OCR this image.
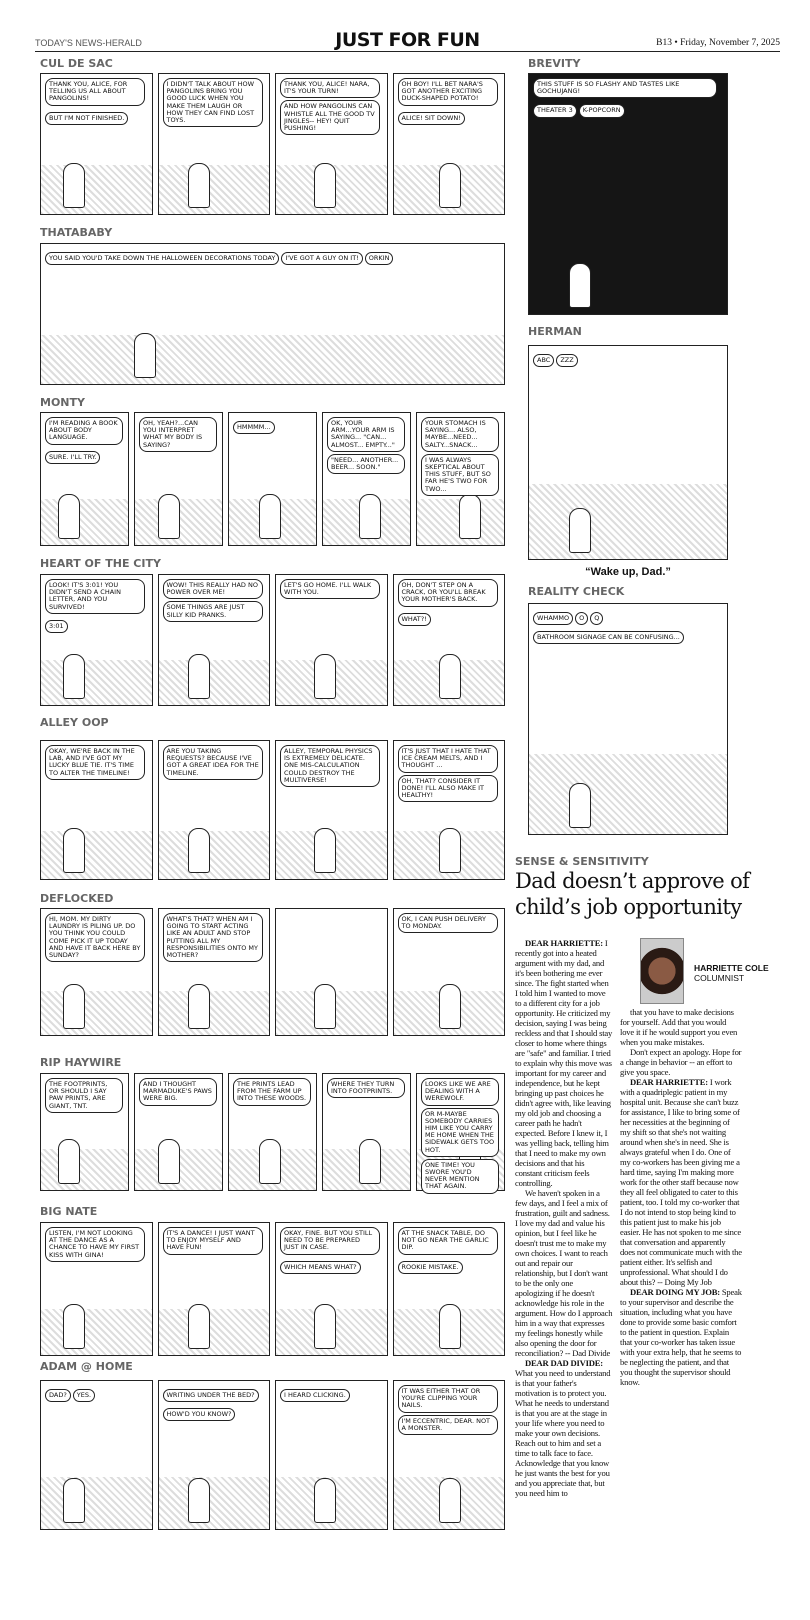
TODAY'S NEWS-HERALD	JUST FOR FUN	B13 • Friday, November 7, 2025
CUL DE SAC
THANK YOU, ALICE, FOR TELLING US ALL ABOUT PANGOLINS!BUT I'M NOT FINISHED.
I DIDN'T TALK ABOUT HOW PANGOLINS BRING YOU GOOD LUCK WHEN YOU MAKE THEM LAUGH OR HOW THEY CAN FIND LOST TOYS.
THANK YOU, ALICE! NARA, IT'S YOUR TURN!AND HOW PANGOLINS CAN WHISTLE ALL THE GOOD TV JINGLES-- HEY! QUIT PUSHING!
OH BOY! I'LL BET NARA'S GOT ANOTHER EXCITING DUCK-SHAPED POTATO!ALICE! SIT DOWN!
THATABABY
YOU SAID YOU'D TAKE DOWN THE HALLOWEEN DECORATIONS TODAY I'VE GOT A GUY ON IT! ORKIN
MONTY
I'M READING A BOOK ABOUT BODY LANGUAGE.SURE. I'LL TRY.
OH, YEAH?...CAN YOU INTERPRET WHAT MY BODY IS SAYING?
HMMMM...	OK, YOUR ARM...YOUR ARM IS SAYING... "CAN... ALMOST... EMPTY...""NEED... ANOTHER... BEER... SOON."
YOUR STOMACH IS SAYING... ALSO, MAYBE...NEED... SALTY...SNACK...I WAS ALWAYS SKEPTICAL ABOUT THIS STUFF, BUT SO FAR HE'S TWO FOR TWO...
HEART OF THE CITY
LOOK! IT'S 3:01! YOU DIDN'T SEND A CHAIN LETTER, AND YOU SURVIVED!3:01
WOW! THIS REALLY HAD NO POWER OVER ME!SOME THINGS ARE JUST SILLY KID PRANKS.
LET'S GO HOME. I'LL WALK WITH YOU.
OH, DON'T STEP ON A CRACK, OR YOU'LL BREAK YOUR MOTHER'S BACK.WHAT?!
ALLEY OOP
OKAY, WE'RE BACK IN THE LAB, AND I'VE GOT MY LUCKY BLUE TIE. IT'S TIME TO ALTER THE TIMELINE!
ARE YOU TAKING REQUESTS? BECAUSE I'VE GOT A GREAT IDEA FOR THE TIMELINE.
ALLEY, TEMPORAL PHYSICS IS EXTREMELY DELICATE. ONE MIS-CALCULATION COULD DESTROY THE MULTIVERSE!
IT'S JUST THAT I HATE THAT ICE CREAM MELTS, AND I THOUGHT ...OH, THAT? CONSIDER IT DONE! I'LL ALSO MAKE IT HEALTHY!
DEFLOCKED
HI, MOM. MY DIRTY LAUNDRY IS PILING UP. DO YOU THINK YOU COULD COME PICK IT UP TODAY AND HAVE IT BACK HERE BY SUNDAY?
WHAT'S THAT? WHEN AM I GOING TO START ACTING LIKE AN ADULT AND STOP PUTTING ALL MY RESPONSIBILITIES ONTO MY MOTHER?
OK, I CAN PUSH DELIVERY TO MONDAY.
RIP HAYWIRE
THE FOOTPRINTS, OR SHOULD I SAY PAW PRINTS, ARE GIANT, TNT.
AND I THOUGHT MARMADUKE'S PAWS WERE BIG.
THE PRINTS LEAD FROM THE FARM UP INTO THESE WOODS.
WHERE THEY TURN INTO FOOTPRINTS.
LOOKS LIKE WE ARE DEALING WITH A WEREWOLF.OR M-MAYBE SOMEBODY CARRIES HIM LIKE YOU CARRY ME HOME WHEN THE SIDEWALK GETS TOO HOT.ONE TIME! YOU SWORE YOU'D NEVER MENTION THAT AGAIN.
BIG NATE
LISTEN, I'M NOT LOOKING AT THE DANCE AS A CHANCE TO HAVE MY FIRST KISS WITH GINA!
IT'S A DANCE! I JUST WANT TO ENJOY MYSELF AND HAVE FUN!
OKAY, FINE. BUT YOU STILL NEED TO BE PREPARED JUST IN CASE.WHICH MEANS WHAT?
AT THE SNACK TABLE, DO NOT GO NEAR THE GARLIC DIP.ROOKIE MISTAKE.
ADAM @ HOME
DAD? YES.	WRITING UNDER THE BED?HOW'D YOU KNOW?
I HEARD CLICKING.	IT WAS EITHER THAT OR YOU'RE CLIPPING YOUR NAILS.I'M ECCENTRIC, DEAR. NOT A MONSTER.
BREVITY
THIS STUFF IS SO FLASHY AND TASTES LIKE GOCHUJANG!THEATER 3 K-POPCORN
HERMAN
ABC ZZZ
REALITY CHECK
WHAMMO O QBATHROOM SIGNAGE CAN BE CONFUSING...
“Wake up, Dad.”
SENSE & SENSITIVITY
Dad doesn’t approve of child’s job opportunity
HARRIETTE COLE
COLUMNIST

DEAR HARRIETTE: I recently got into a heated argument with my dad, and it's been bothering me ever since. The fight started when I told him I wanted to move to a different city for a job opportunity. He criticized my decision, saying I was being reckless and that I should stay closer to home where things are "safe" and familiar. I tried to explain why this move was important for my career and independence, but he kept bringing up past choices he didn't agree with, like leaving my old job and choosing a career path he hadn't expected. Before I knew it, I was yelling back, telling him that I need to make my own decisions and that his constant criticism feels controlling.

We haven't spoken in a few days, and I feel a mix of frustration, guilt and sadness. I love my dad and value his opinion, but I feel like he doesn't trust me to make my own choices. I want to reach out and repair our relationship, but I don't want to be the only one apologizing if he doesn't acknowledge his role in the argument. How do I approach him in a way that expresses my feelings honestly while also opening the door for reconciliation? -- Dad Divide

DEAR DAD DIVIDE: What you need to understand is that your father's motivation is to protect you. What he needs to understand is that you are at the stage in your life where you need to make your own decisions. Reach out to him and set a time to talk face to face. Acknowledge that you know he just wants the best for you and you appreciate that, but you need him to

that you have to make decisions for yourself. Add that you would love it if he would support you even when you make mistakes.

Don't expect an apology. Hope for a change in behavior -- an effort to give you space.

DEAR HARRIETTE: I work with a quadriplegic patient in my hospital unit. Because she can't buzz for assistance, I like to bring some of her necessities at the beginning of my shift so that she's not waiting around when she's in need. She is always grateful when I do. One of my co-workers has been giving me a hard time, saying I'm making more work for the other staff because now they all feel obligated to cater to this patient, too. I told my co-worker that I do not intend to stop being kind to this patient just to make his job easier. He has not spoken to me since that conversation and apparently does not communicate much with the patient either. It's selfish and unprofessional. What should I do about this? -- Doing My Job

DEAR DOING MY JOB: Speak to your supervisor and describe the situation, including what you have done to provide some basic comfort to the patient in question. Explain that your co-worker has taken issue with your extra help, that he seems to be neglecting the patient, and that you thought the supervisor should know.
